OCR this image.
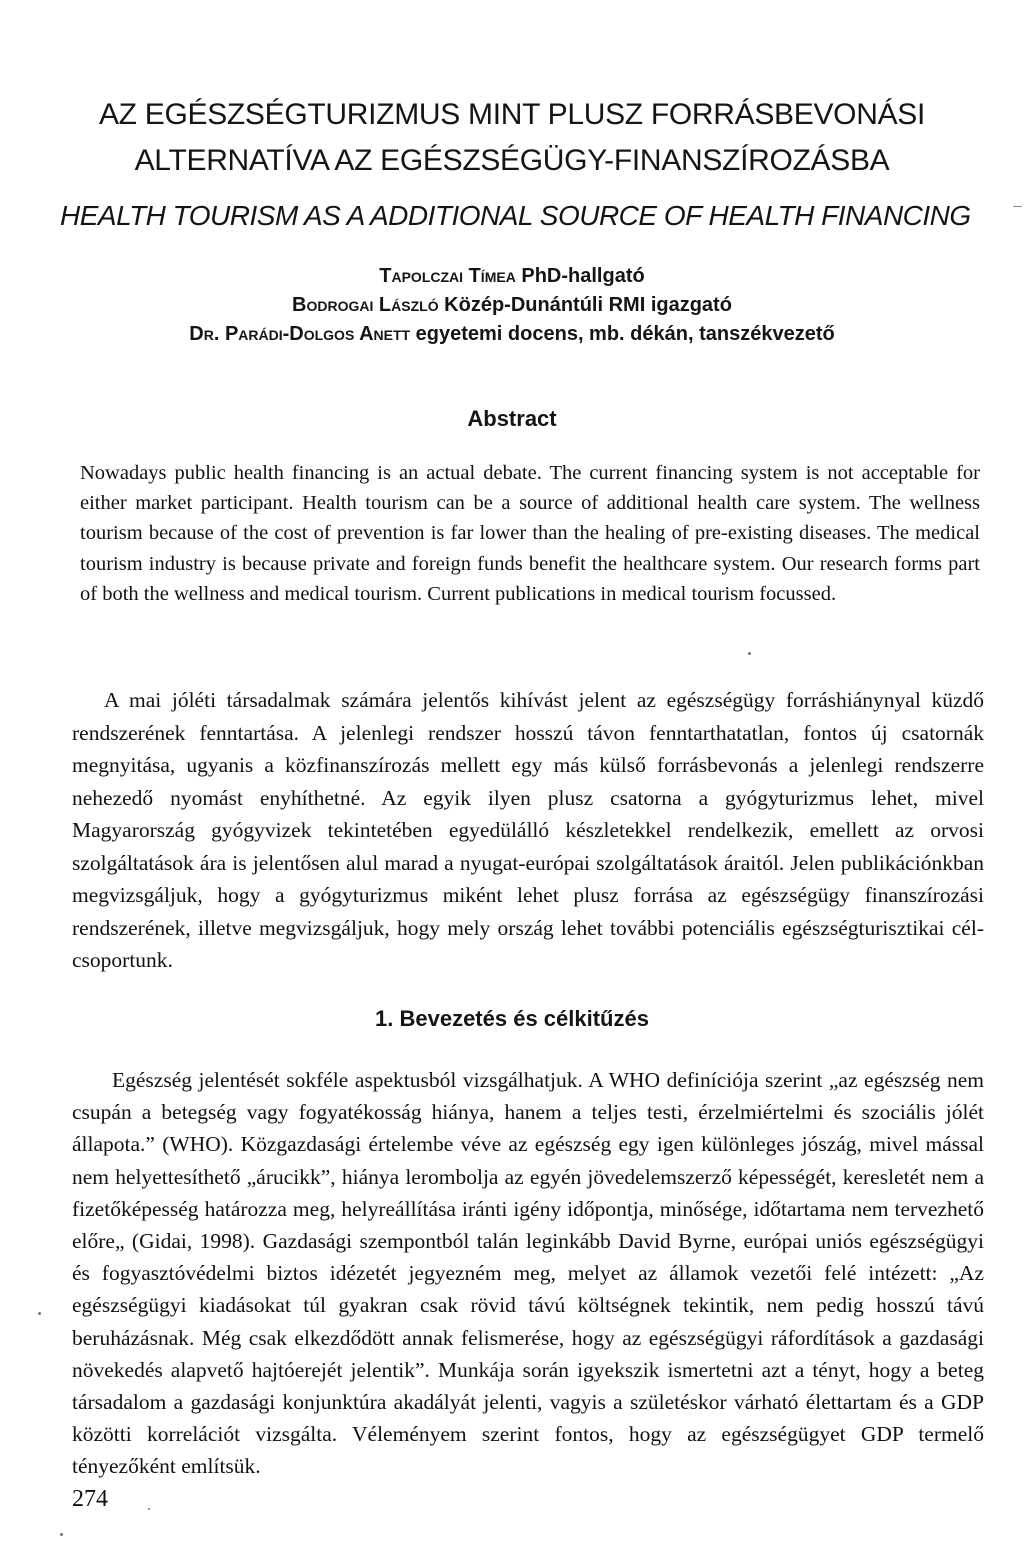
AZ EGÉSZSÉGTURIZMUS MINT PLUSZ FORRÁSBEVONÁSI
ALTERNATÍVA AZ EGÉSZSÉGÜGY-FINANSZÍROZÁSBA
HEALTH TOURISM AS A ADDITIONAL SOURCE OF HEALTH FINANCING
Tapolczai Tímea PhD-hallgató
Bodrogai László Közép-Dunántúli RMI igazgató
Dr. Parádi-Dolgos Anett egyetemi docens, mb. dékán, tanszékvezető
Abstract

Nowadays public health financing is an actual debate. The current financing system is not acceptable for either market participant. Health tourism can be a source of additional health care system. The wellness tourism because of the cost of prevention is far lower than the healing of pre-existing diseases. The medical tourism industry is because private and foreign funds benefit the healthcare system. Our research forms part of both the wellness and medical tourism. Current publications in medical tourism focussed.

A mai jóléti társadalmak számára jelentős kihívást jelent az egészségügy forráshiánynyal küzdő rendszerének fenntartása. A jelenlegi rendszer hosszú távon fenntarthatatlan, fontos új csatornák megnyitása, ugyanis a közfinanszírozás mellett egy más külső forrásbevonás a jelenlegi rendszerre nehezedő nyomást enyhíthetné. Az egyik ilyen plusz csatorna a gyógyturizmus lehet, mivel Magyarország gyógyvizek tekintetében egyedülálló készletekkel rendelkezik, emellett az orvosi szolgáltatások ára is jelentősen alul marad a nyugat-európai szolgáltatások áraitól. Jelen publikációnkban megvizsgáljuk, hogy a gyógyturizmus miként lehet plusz forrása az egészségügy finanszírozási rendszerének, illetve megvizsgáljuk, hogy mely ország lehet további potenciális egészségturisztikai célcsoportunk.

1. Bevezetés és célkitűzés

Egészség jelentését sokféle aspektusból vizsgálhatjuk. A WHO definíciója szerint „az egészség nem csupán a betegség vagy fogyatékosság hiánya, hanem a teljes testi, érzelmiértelmi és szociális jólét állapota.” (WHO). Közgazdasági értelembe véve az egészség egy igen különleges jószág, mivel mással nem helyettesíthető „árucikk”, hiánya lerombolja az egyén jövedelemszerző képességét, keresletét nem a fizetőképesség határozza meg, helyreállítása iránti igény időpontja, minősége, időtartama nem tervezhető előre„ (Gidai, 1998). Gazdasági szempontból talán leginkább David Byrne, európai uniós egészségügyi és fogyasztóvédelmi biztos idézetét jegyezném meg, melyet az államok vezetői felé intézett: „Az egészségügyi kiadásokat túl gyakran csak rövid távú költségnek tekintik, nem pedig hosszú távú beruházásnak. Még csak elkezdődött annak felismerése, hogy az egészségügyi ráfordítások a gazdasági növekedés alapvető hajtóerejét jelentik”. Munkája során igyekszik ismertetni azt a tényt, hogy a beteg társadalom a gazdasági konjunktúra akadályát jelenti, vagyis a születéskor várható élettartam és a GDP közötti korrelációt vizsgálta. Véleményem szerint fontos, hogy az egészségügyet GDP termelő tényezőként említsük.

274
